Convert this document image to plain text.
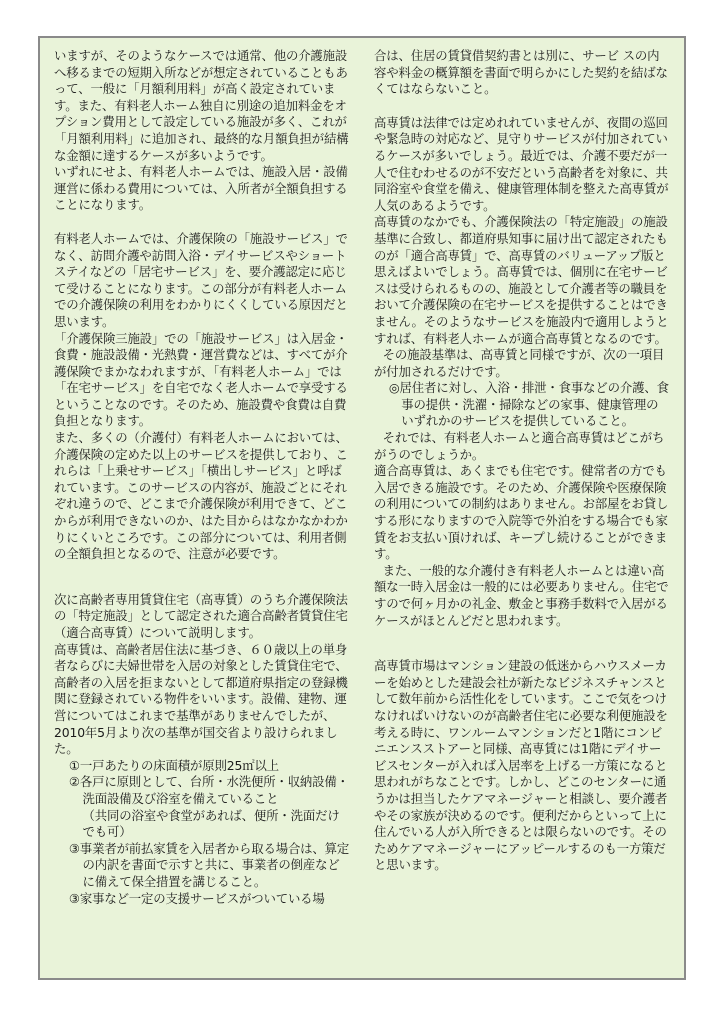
いますが、そのようなケースでは通常、他の介護施設へ移るまでの短期入所などが想定されていることもあって、一般に「月額利用料」が高く設定されています。また、有料老人ホーム独自に別途の追加料金をオプション費用として設定している施設が多く、これが「月額利用料」に追加され、最終的な月額負担が結構な金額に達するケースが多いようです。

いずれにせよ、有料老人ホームでは、施設入居・設備運営に係わる費用については、入所者が全額負担することになります。

有料老人ホームでは、介護保険の「施設サービス」でなく、訪問介護や訪問入浴・デイサービスやショートステイなどの「居宅サービス」を、要介護認定に応じて受けることになります。この部分が有料老人ホームでの介護保険の利用をわかりにくくしている原因だと思います。

「介護保険三施設」での「施設サービス」は入居金・食費・施設設備・光熱費・運営費などは、すべてが介護保険でまかなわれますが、「有料老人ホーム」では「在宅サービス」を自宅でなく老人ホームで享受するということなのです。そのため、施設費や食費は自費負担となります。

また、多くの（介護付）有料老人ホームにおいては、介護保険の定めた以上のサービスを提供しており、これらは「上乗せサービス」「横出しサービス」と呼ばれています。このサービスの内容が、施設ごとにそれぞれ違うので、どこまで介護保険が利用できて、どこからが利用できないのか、はた目からはなかなかわかりにくいところです。この部分については、利用者側の全額負担となるので、注意が必要です。

次に高齢者専用賃貸住宅（高専賃）のうち介護保険法の「特定施設」として認定された適合高齢者賃貸住宅（適合高専賃）について説明します。

高専賃は、高齢者居住法に基づき、６０歳以上の単身者ならびに夫婦世帯を入居の対象とした賃貸住宅で、高齢者の入居を拒まないとして都道府県指定の登録機関に登録されている物件をいいます。設備、建物、運営についてはこれまで基準がありませんでしたが、2010年5月より次の基準が国交省より設けられました。

①一戸あたりの床面積が原則25㎡以上

②各戸に原則として、台所・水洗便所・収納設備・洗面設備及び浴室を備えていること

（共同の浴室や食堂があれば、便所・洗面だけでも可）

③事業者が前払家賃を入居者から取る場合は、算定の内訳を書面で示すと共に、事業者の倒産などに備えて保全措置を講じること。

③家事など一定の支援サービスがついている場

合は、住居の賃貸借契約書とは別に、サービ スの内容や料金の概算額を書面で明らかにした契約を結ばなくてはならないこと。

高専賃は法律では定めれれていませんが、夜間の巡回や緊急時の対応など、見守りサービスが付加されているケースが多いでしょう。最近では、介護不要だが一人で住むわせるのが不安だという高齢者を対象に、共同浴室や食堂を備え、健康管理体制を整えた高専賃が人気のあるようです。

高専賃のなかでも、介護保険法の「特定施設」の施設基準に合致し、都道府県知事に届け出て認定されたものが「適合高専賃」で、高専賃のバリューアップ版と思えばよいでしょう。高専賃では、個別に在宅サービスは受けられるものの、施設として介護者等の職員をおいて介護保険の在宅サービスを提供することはできません。そのようなサービスを施設内で適用しようとすれば、有料老人ホームが適合高専賃となるのです。

その施設基準は、高専賃と同様ですが、次の一項目が付加されるだけです。

◎居住者に対し、入浴・排泄・食事などの介護、食事の提供・洗濯・掃除などの家事、健康管理のいずれかのサービスを提供していること。

それでは、有料老人ホームと適合高専賃はどこがちがうのでしょうか。

適合高専賃は、あくまでも住宅です。健常者の方でも入居できる施設です。そのため、介護保険や医療保険の利用についての制約はありません。お部屋をお貸しする形になりますので入院等で外泊をする場合でも家賃をお支払い頂ければ、キープし続けることができます。

また、一般的な介護付き有料老人ホームとは違い高額な一時入居金は一般的には必要ありません。住宅ですので何ヶ月かの礼金、敷金と事務手数料で入居がるケースがほとんどだと思われます。

高専賃市場はマンション建設の低迷からハウスメーカーを始めとした建設会社が新たなビジネスチャンスとして数年前から活性化をしています。ここで気をつけなければいけないのが高齢者住宅に必要な利便施設を考える時に、ワンルームマンションだと1階にコンビニエンスストアーと同様、高専賃には1階にデイサービスセンターが入れば入居率を上げる一方策になると思われがちなことです。しかし、どこのセンターに通うかは担当したケアマネージャーと相談し、要介護者やその家族が決めるのです。便利だからといって上に住んでいる人が入所できるとは限らないのです。そのためケアマネージャーにアッピールするのも一方策だと思います。
